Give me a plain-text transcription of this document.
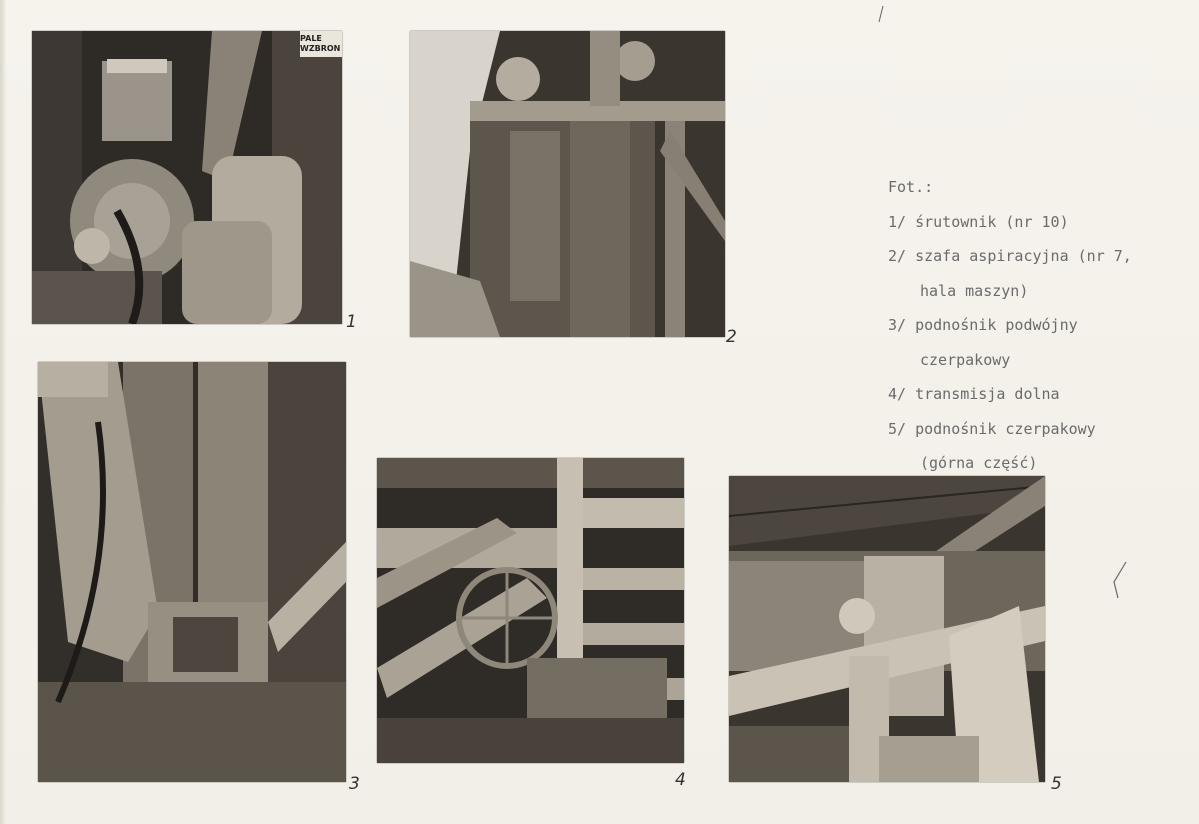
PALE
WZBRON
1
2
3	4	5
Fot.:
1/ śrutownik (nr 10)
2/ szafa aspiracyjna (nr 7,
hala maszyn)
3/ podnośnik podwójny
czerpakowy
4/ transmisja dolna
5/ podnośnik czerpakowy
(górna część)
